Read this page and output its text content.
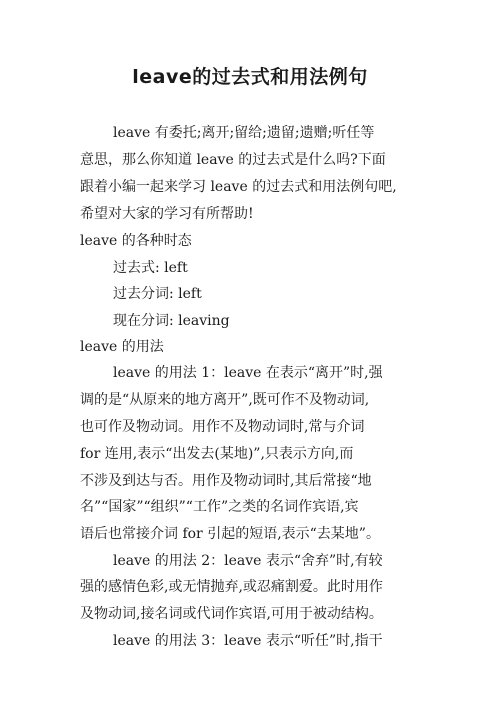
leave的过去式和用法例句
leave 有委托;离开;留给;遗留;遗赠;听任等
意思，那么你知道 leave 的过去式是什么吗?下面
跟着小编一起来学习 leave 的过去式和用法例句吧,
希望对大家的学习有所帮助!
leave 的各种时态
过去式: left
过去分词: left
现在分词: leaving
leave 的用法
leave 的用法 1：leave 在表示“离开”时,强
调的是“从原来的地方离开”,既可作不及物动词,
也可作及物动词。用作不及物动词时,常与介词
for 连用,表示“出发去(某地)”,只表示方向,而
不涉及到达与否。用作及物动词时,其后常接“地
名”“国家”“组织”“工作”之类的名词作宾语,宾
语后也常接介词 for 引起的短语,表示“去某地”。
leave 的用法 2：leave 表示“舍弃”时,有较
强的感情色彩,或无情抛弃,或忍痛割爱。此时用作
及物动词,接名词或代词作宾语,可用于被动结构。
leave 的用法 3：leave 表示“听任”时,指干
